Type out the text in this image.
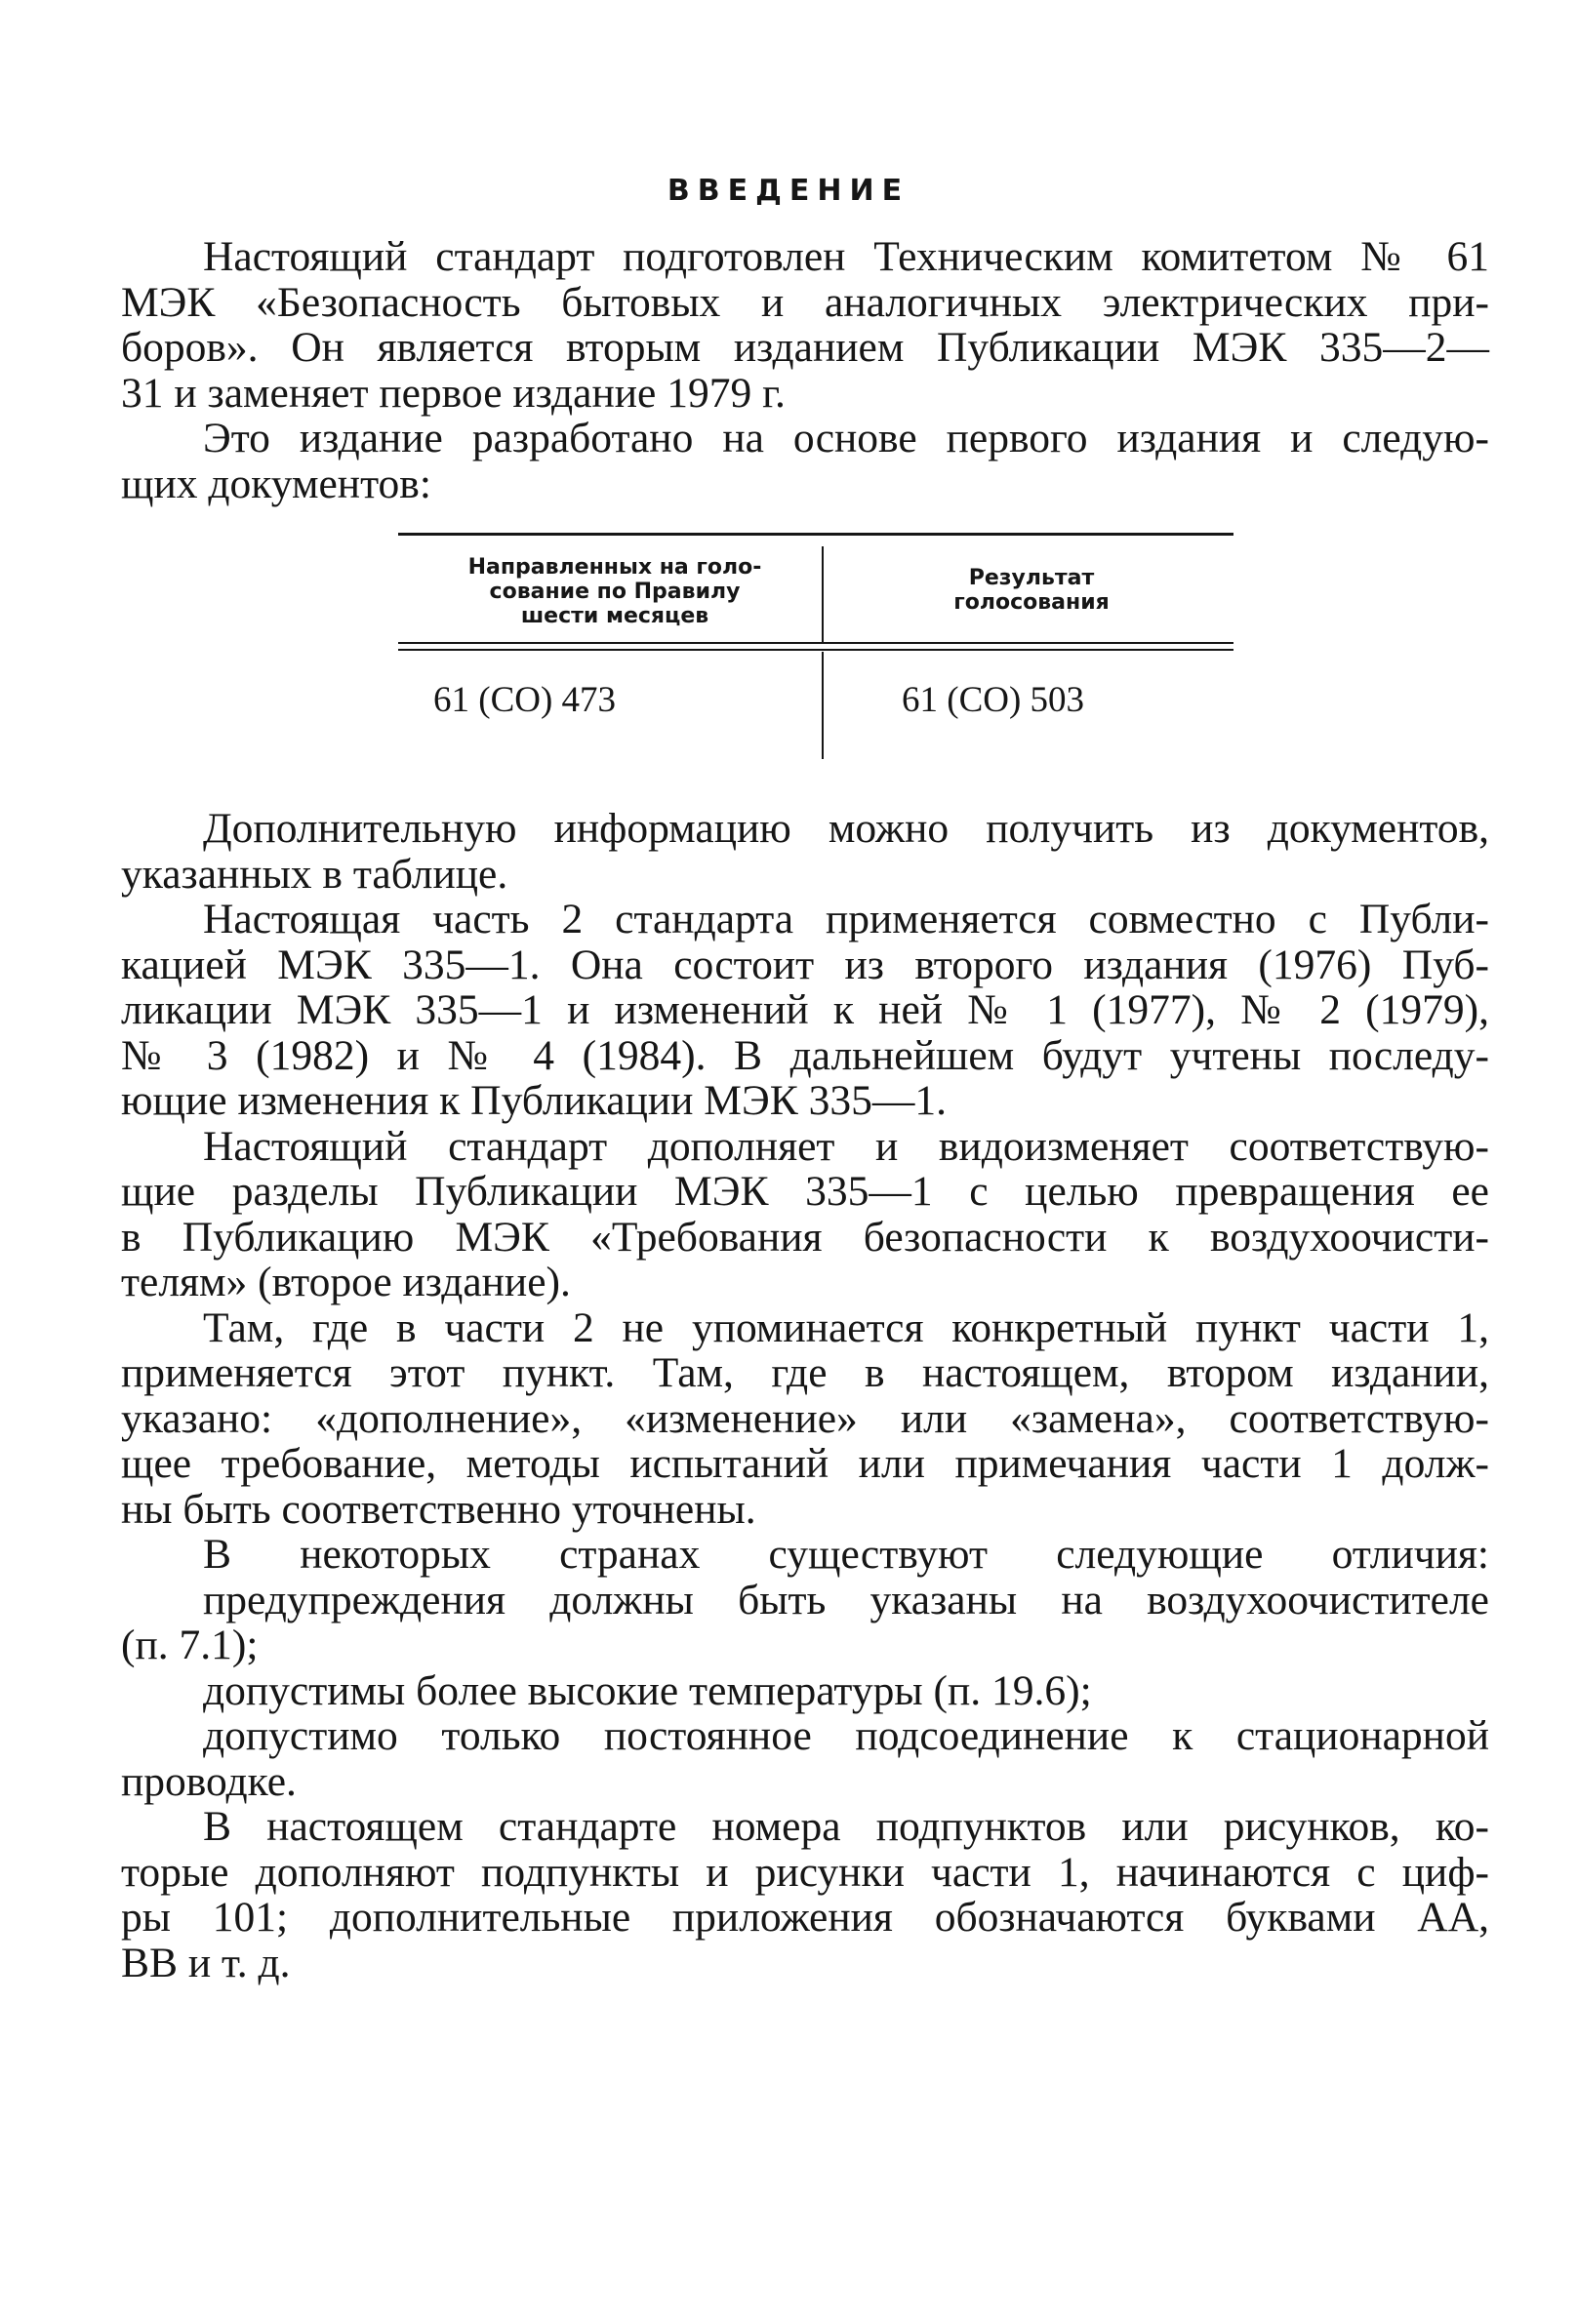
ВВЕДЕНИЕ
Настоящий стандарт подготовлен Техническим комитетом № 61
МЭК «Безопасность бытовых и аналогичных электрических при-
боров». Он является вторым изданием Публикации МЭК 335—2—
31 и заменяет первое издание 1979 г.
Это издание разработано на основе первого издания и следую-
щих документов:
Направленных на голо-
сование по Правилу
шести месяцев
Результат
голосования
61 (СО) 473	61 (СО) 503
Дополнительную информацию можно получить из документов,
указанных в таблице.
Настоящая часть 2 стандарта применяется совместно с Публи-
кацией МЭК 335—1. Она состоит из второго издания (1976) Пуб-
ликации МЭК 335—1 и изменений к ней № 1 (1977), № 2 (1979),
№ 3 (1982) и № 4 (1984). В дальнейшем будут учтены последу-
ющие изменения к Публикации МЭК 335—1.
Настоящий стандарт дополняет и видоизменяет соответствую-
щие разделы Публикации МЭК 335—1 с целью превращения ее
в Публикацию МЭК «Требования безопасности к воздухоочисти-
телям» (второе издание).
Там, где в части 2 не упоминается конкретный пункт части 1,
применяется этот пункт. Там, где в настоящем, втором издании,
указано: «дополнение», «изменение» или «замена», соответствую-
щее требование, методы испытаний или примечания части 1 долж-
ны быть соответственно уточнены.
В некоторых странах существуют следующие отличия:
предупреждения должны быть указаны на воздухоочистителе
(п. 7.1);
допустимы более высокие температуры (п. 19.6);
допустимо только постоянное подсоединение к стационарной
проводке.
В настоящем стандарте номера подпунктов или рисунков, ко-
торые дополняют подпункты и рисунки части 1, начинаются с циф-
ры 101; дополнительные приложения обозначаются буквами АА,
ВВ и т. д.
